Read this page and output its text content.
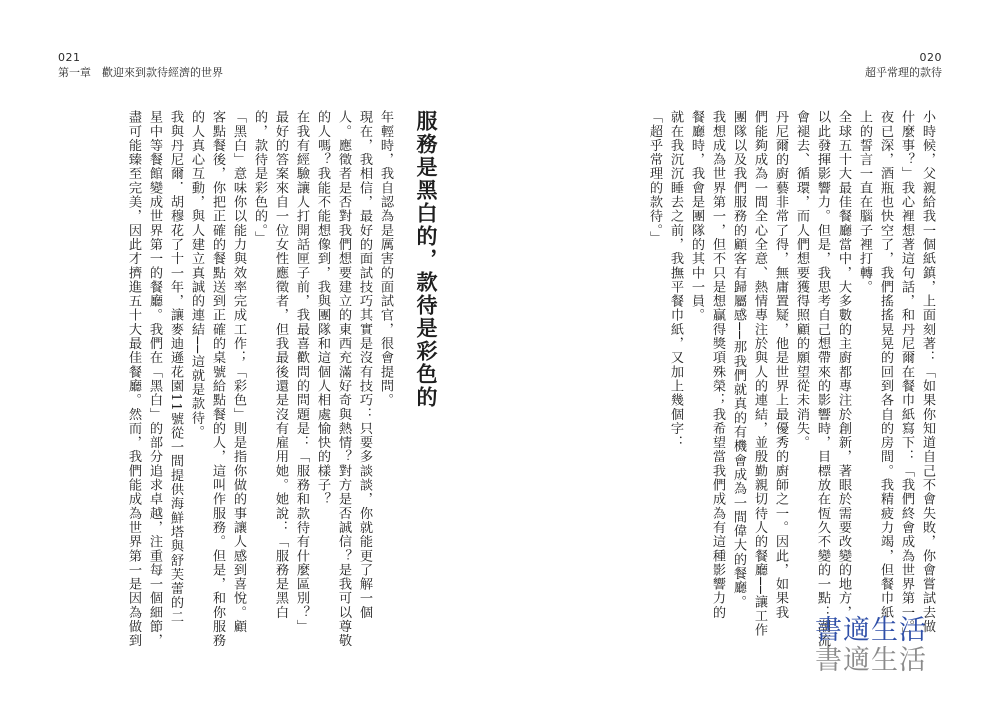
021
第一章　歡迎來到款待經濟的世界
020
超乎常理的款待

小時候，父親給我一個紙鎮，上面刻著：「如果你知道自己不會失敗，你會嘗試去做

什麼事？」我心裡想著這句話，和丹尼爾在餐巾紙寫下：「我們終會成為世界第一。」

夜已深，酒瓶也快空了，我們搖搖晃晃的回到各自的房間。我精疲力竭，但餐巾紙

上的誓言一直在腦子裡打轉。

全球五十大最佳餐廳當中，大多數的主廚都專注於創新，著眼於需要改變的地方，

以此發揮影響力。但是，我思考自己想帶來的影響時，目標放在恆久不變的一點：潮流

會褪去、循環，而人們想要獲得照顧的願望從未消失。

丹尼爾的廚藝非常了得，無庸置疑，他是世界上最優秀的廚師之一。因此，如果我

們能夠成為一間全心全意、熱情專注於與人的連結，並殷勤親切待人的餐廳──讓工作

團隊以及我們服務的顧客有歸屬感──那我們就真的有機會成為一間偉大的餐廳。

我想成為世界第一，但不只是想贏得獎項殊榮；我希望當我們成為有這種影響力的

餐廳時，我會是團隊的其中一員。

就在我沉沉睡去之前，我撫平餐巾紙，又加上幾個字：

「超乎常理的款待。」

服務是黑白的，款待是彩色的

年輕時，我自認為是厲害的面試官，很會提問。

現在，我相信，最好的面試技巧其實是沒有技巧：只要多談談，你就能更了解一個

人。應徵者是否對我們想要建立的東西充滿好奇與熱情？對方是否誠信？是我可以尊敬

的人嗎？我能不能想像到，我與團隊和這個人相處愉快的樣子？

在我有經驗讓人打開話匣子前，我最喜歡問的問題是：「服務和款待有什麼區別？」

最好的答案來自一位女性應徵者，但我最後還是沒有雇用她。她說：「服務是黑白

的，款待是彩色的。」

「黑白」意味你以能力與效率完成工作；「彩色」則是指你做的事讓人感到喜悅。顧

客點餐後，你把正確的餐點送到正確的桌號給點餐的人，這叫作服務。但是，和你服務

的人真心互動，與人建立真誠的連結──這就是款待。

我與丹尼爾．胡穆花了十一年，讓麥迪遜花園11號從一間提供海鮮塔與舒芙蕾的二

星中等餐館變成世界第一的餐廳。我們在「黑白」的部分追求卓越，注重每一個細節，

盡可能臻至完美，因此才擠進五十大最佳餐廳。然而，我們能成為世界第一是因為做到	書適生活
書適生活
